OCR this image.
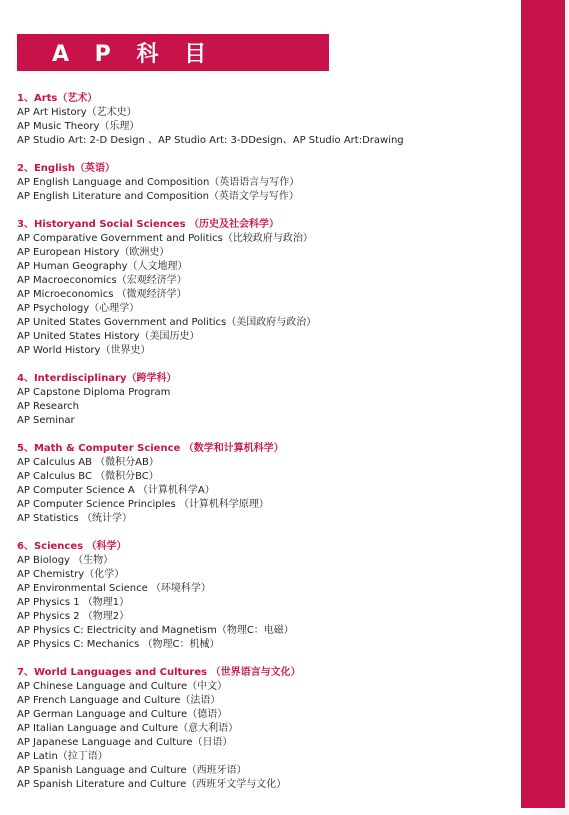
A P 科 目
1、Arts（艺术）
AP Art History（艺术史）
AP Music Theory（乐理）
AP Studio Art: 2-D Design 、AP Studio Art: 3-DDesign、AP Studio Art:Drawing
2、English（英语）
AP English Language and Composition（英语语言与写作）
AP English Literature and Composition（英语文学与写作）
3、Historyand Social Sciences （历史及社会科学）
AP Comparative Government and Politics（比较政府与政治）
AP European History（欧洲史）
AP Human Geography（人文地理）
AP Macroeconomics（宏观经济学）
AP Microeconomics （微观经济学）
AP Psychology（心理学）
AP United States Government and Politics（美国政府与政治）
AP United States History（美国历史）
AP World History（世界史）
4、Interdisciplinary（跨学科）
AP Capstone Diploma Program
AP Research
AP Seminar
5、Math & Computer Science （数学和计算机科学）
AP Calculus AB （微积分AB）
AP Calculus BC （微积分BC）
AP Computer Science A （计算机科学A）
AP Computer Science Principles （计算机科学原理）
AP Statistics （统计学）
6、Sciences （科学）
AP Biology （生物）
AP Chemistry（化学）
AP Environmental Science （环境科学）
AP Physics 1 （物理1）
AP Physics 2 （物理2）
AP Physics C: Electricity and Magnetism（物理C：电磁）
AP Physics C: Mechanics （物理C：机械）
7、World Languages and Cultures （世界语言与文化）
AP Chinese Language and Culture（中文）
AP French Language and Culture（法语）
AP German Language and Culture（德语）
AP Italian Language and Culture（意大利语）
AP Japanese Language and Culture（日语）
AP Latin（拉丁语）
AP Spanish Language and Culture（西班牙语）
AP Spanish Literature and Culture（西班牙文学与文化）
